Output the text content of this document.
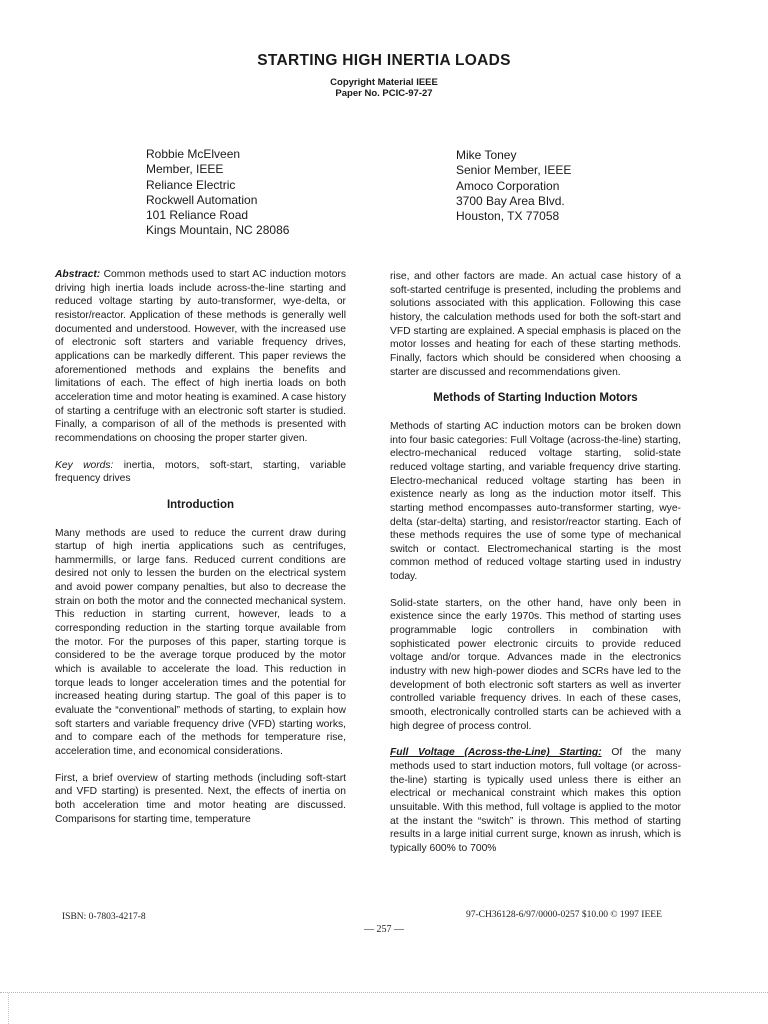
STARTING HIGH INERTIA LOADS
Copyright Material IEEE
Paper No. PCIC-97-27
Robbie McElveen
Member, IEEE
Reliance Electric
Rockwell Automation
101 Reliance Road
Kings Mountain, NC 28086
Mike Toney
Senior Member, IEEE
Amoco Corporation
3700 Bay Area Blvd.
Houston, TX 77058

Abstract: Common methods used to start AC induction motors driving high inertia loads include across-the-line starting and reduced voltage starting by auto-transformer, wye-delta, or resistor/reactor. Application of these methods is generally well documented and understood. However, with the increased use of electronic soft starters and variable frequency drives, applications can be markedly different. This paper reviews the aforementioned methods and explains the benefits and limitations of each. The effect of high inertia loads on both acceleration time and motor heating is examined. A case history of starting a centrifuge with an electronic soft starter is studied. Finally, a comparison of all of the methods is presented with recommendations on choosing the proper starter given.

Key words: inertia, motors, soft-start, starting, variable frequency drives

Introduction

Many methods are used to reduce the current draw during startup of high inertia applications such as centrifuges, hammermills, or large fans. Reduced current conditions are desired not only to lessen the burden on the electrical system and avoid power company penalties, but also to decrease the strain on both the motor and the connected mechanical system. This reduction in starting current, however, leads to a corresponding reduction in the starting torque available from the motor. For the purposes of this paper, starting torque is considered to be the average torque produced by the motor which is available to accelerate the load. This reduction in torque leads to longer acceleration times and the potential for increased heating during startup. The goal of this paper is to evaluate the “conventional” methods of starting, to explain how soft starters and variable frequency drive (VFD) starting works, and to compare each of the methods for temperature rise, acceleration time, and economical considerations.

First, a brief overview of starting methods (including soft-start and VFD starting) is presented. Next, the effects of inertia on both acceleration time and motor heating are discussed. Comparisons for starting time, temperature

rise, and other factors are made. An actual case history of a soft-started centrifuge is presented, including the problems and solutions associated with this application. Following this case history, the calculation methods used for both the soft-start and VFD starting are explained. A special emphasis is placed on the motor losses and heating for each of these starting methods. Finally, factors which should be considered when choosing a starter are discussed and recommendations given.

Methods of Starting Induction Motors

Methods of starting AC induction motors can be broken down into four basic categories: Full Voltage (across-the-line) starting, electro-mechanical reduced voltage starting, solid-state reduced voltage starting, and variable frequency drive starting. Electro-mechanical reduced voltage starting has been in existence nearly as long as the induction motor itself. This starting method encompasses auto-transformer starting, wye-delta (star-delta) starting, and resistor/reactor starting. Each of these methods requires the use of some type of mechanical switch or contact. Electromechanical starting is the most common method of reduced voltage starting used in industry today.

Solid-state starters, on the other hand, have only been in existence since the early 1970s. This method of starting uses programmable logic controllers in combination with sophisticated power electronic circuits to provide reduced voltage and/or torque. Advances made in the electronics industry with new high-power diodes and SCRs have led to the development of both electronic soft starters as well as inverter controlled variable frequency drives. In each of these cases, smooth, electronically controlled starts can be achieved with a high degree of process control.

Full Voltage (Across-the-Line) Starting: Of the many methods used to start induction motors, full voltage (or across-the-line) starting is typically used unless there is either an electrical or mechanical constraint which makes this option unsuitable. With this method, full voltage is applied to the motor at the instant the “switch” is thrown. This method of starting results in a large initial current surge, known as inrush, which is typically 600% to 700%

ISBN: 0-7803-4217-8	97-CH36128-6/97/0000-0257 $10.00 © 1997 IEEE
— 257 —
